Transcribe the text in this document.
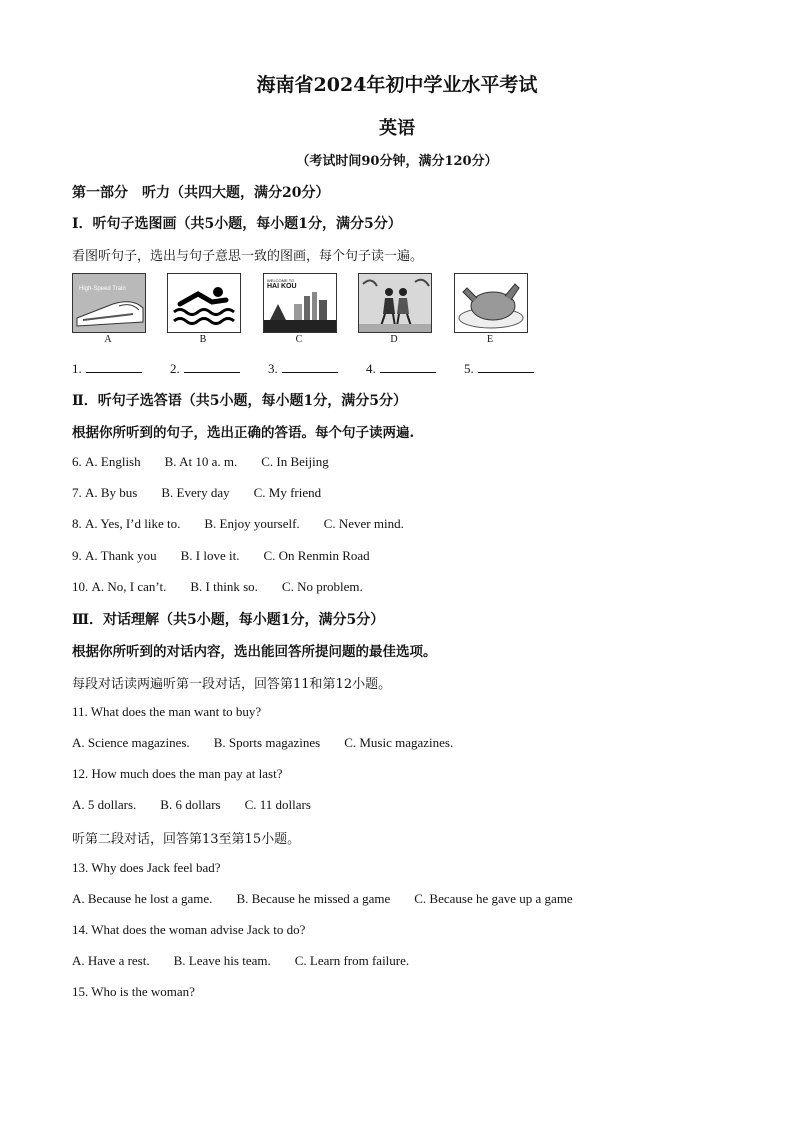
海南省2024年初中学业水平考试
英语
（考试时间90分钟，满分120分）
第一部分　听力（共四大题，满分20分）
Ⅰ．听句子选图画（共5小题，每小题1分，满分5分）
看图听句子，选出与句子意思一致的图画，每个句子读一遍。
High-Speed Train
A	B
WELCOME TO
HAI KOU
C	D	E
1.	2.	3.	4.	5.
Ⅱ．听句子选答语（共5小题，每小题1分，满分5分）
根据你所听到的句子，选出正确的答语。每个句子读两遍.
6. A. English B. At 10 a. m. C. In Beijing
7. A. By bus B. Every day C. My friend
8. A. Yes, I’d like to. B. Enjoy yourself. C. Never mind.
9. A. Thank you B. I love it. C. On Renmin Road
10. A. No, I can’t. B. I think so. C. No problem.
Ⅲ．对话理解（共5小题，每小题1分，满分5分）
根据你所听到的对话内容，选出能回答所提问题的最佳选项。
每段对话读两遍听第一段对话，回答第11和第12小题。
11. What does the man want to buy?
A. Science magazines. B. Sports magazines C. Music magazines.
12. How much does the man pay at last?
A. 5 dollars. B. 6 dollars C. 11 dollars
听第二段对话，回答第13至第15小题。
13. Why does Jack feel bad?
A. Because he lost a game. B. Because he missed a game C. Because he gave up a game
14. What does the woman advise Jack to do?
A. Have a rest. B. Leave his team. C. Learn from failure.
15. Who is the woman?
